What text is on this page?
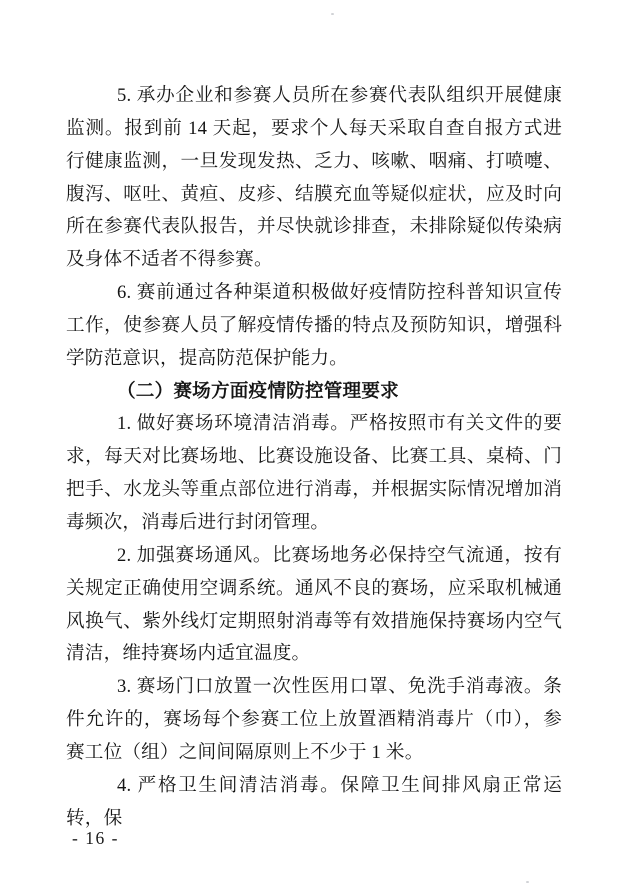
5. 承办企业和参赛人员所在参赛代表队组织开展健康监测。报到前 14 天起，要求个人每天采取自查自报方式进行健康监测，一旦发现发热、乏力、咳嗽、咽痛、打喷嚏、腹泻、呕吐、黄疸、皮疹、结膜充血等疑似症状，应及时向所在参赛代表队报告，并尽快就诊排查，未排除疑似传染病及身体不适者不得参赛。

6. 赛前通过各种渠道积极做好疫情防控科普知识宣传工作，使参赛人员了解疫情传播的特点及预防知识，增强科学防范意识，提高防范保护能力。

（二）赛场方面疫情防控管理要求

1. 做好赛场环境清洁消毒。严格按照市有关文件的要求，每天对比赛场地、比赛设施设备、比赛工具、桌椅、门把手、水龙头等重点部位进行消毒，并根据实际情况增加消毒频次，消毒后进行封闭管理。

2. 加强赛场通风。比赛场地务必保持空气流通，按有关规定正确使用空调系统。通风不良的赛场，应采取机械通风换气、紫外线灯定期照射消毒等有效措施保持赛场内空气清洁，维持赛场内适宜温度。

3. 赛场门口放置一次性医用口罩、免洗手消毒液。条件允许的，赛场每个参赛工位上放置酒精消毒片（巾），参赛工位（组）之间间隔原则上不少于 1 米。

4. 严格卫生间清洁消毒。保障卫生间排风扇正常运转，保

- 16 -
